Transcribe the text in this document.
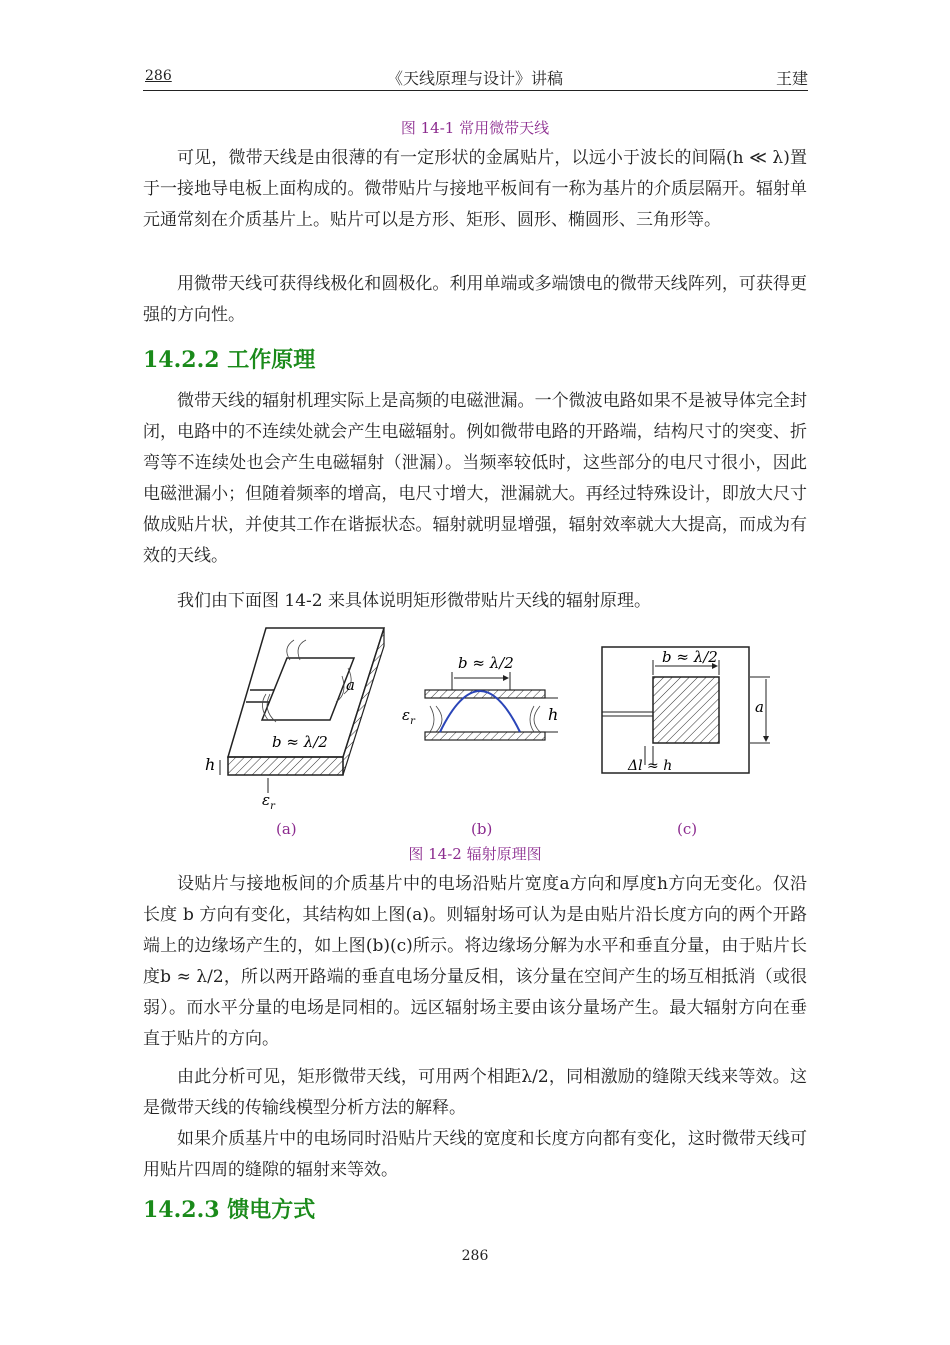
286	《天线原理与设计》讲稿	王建
图 14-1 常用微带天线

可见，微带天线是由很薄的有一定形状的金属贴片，以远小于波长的间隔(h ≪ λ)置于一接地导电板上面构成的。微带贴片与接地平板间有一称为基片的介质层隔开。辐射单元通常刻在介质基片上。贴片可以是方形、矩形、圆形、椭圆形、三角形等。

用微带天线可获得线极化和圆极化。利用单端或多端馈电的微带天线阵列，可获得更强的方向性。

14.2.2 工作原理

微带天线的辐射机理实际上是高频的电磁泄漏。一个微波电路如果不是被导体完全封闭，电路中的不连续处就会产生电磁辐射。例如微带电路的开路端，结构尺寸的突变、折弯等不连续处也会产生电磁辐射（泄漏）。当频率较低时，这些部分的电尺寸很小，因此电磁泄漏小；但随着频率的增高，电尺寸增大，泄漏就大。再经过特殊设计，即放大尺寸做成贴片状，并使其工作在谐振状态。辐射就明显增强，辐射效率就大大提高，而成为有效的天线。

我们由下面图 14-2 来具体说明矩形微带贴片天线的辐射原理。

h
b ≈ λ/2
a
$\varepsilon_r$
b ≈ λ/2
h
$\varepsilon_r$
b ≈ λ/2
a
Δl ≈ h
(a)	(b)	(c)
图 14-2 辐射原理图

设贴片与接地板间的介质基片中的电场沿贴片宽度a方向和厚度h方向无变化。仅沿长度 b 方向有变化，其结构如上图(a)。则辐射场可认为是由贴片沿长度方向的两个开路端上的边缘场产生的，如上图(b)(c)所示。将边缘场分解为水平和垂直分量，由于贴片长度b ≈ λ/2，所以两开路端的垂直电场分量反相，该分量在空间产生的场互相抵消（或很弱）。而水平分量的电场是同相的。远区辐射场主要由该分量场产生。最大辐射方向在垂直于贴片的方向。

由此分析可见，矩形微带天线，可用两个相距λ/2，同相激励的缝隙天线来等效。这是微带天线的传输线模型分析方法的解释。

如果介质基片中的电场同时沿贴片天线的宽度和长度方向都有变化，这时微带天线可用贴片四周的缝隙的辐射来等效。

14.2.3 馈电方式
286
